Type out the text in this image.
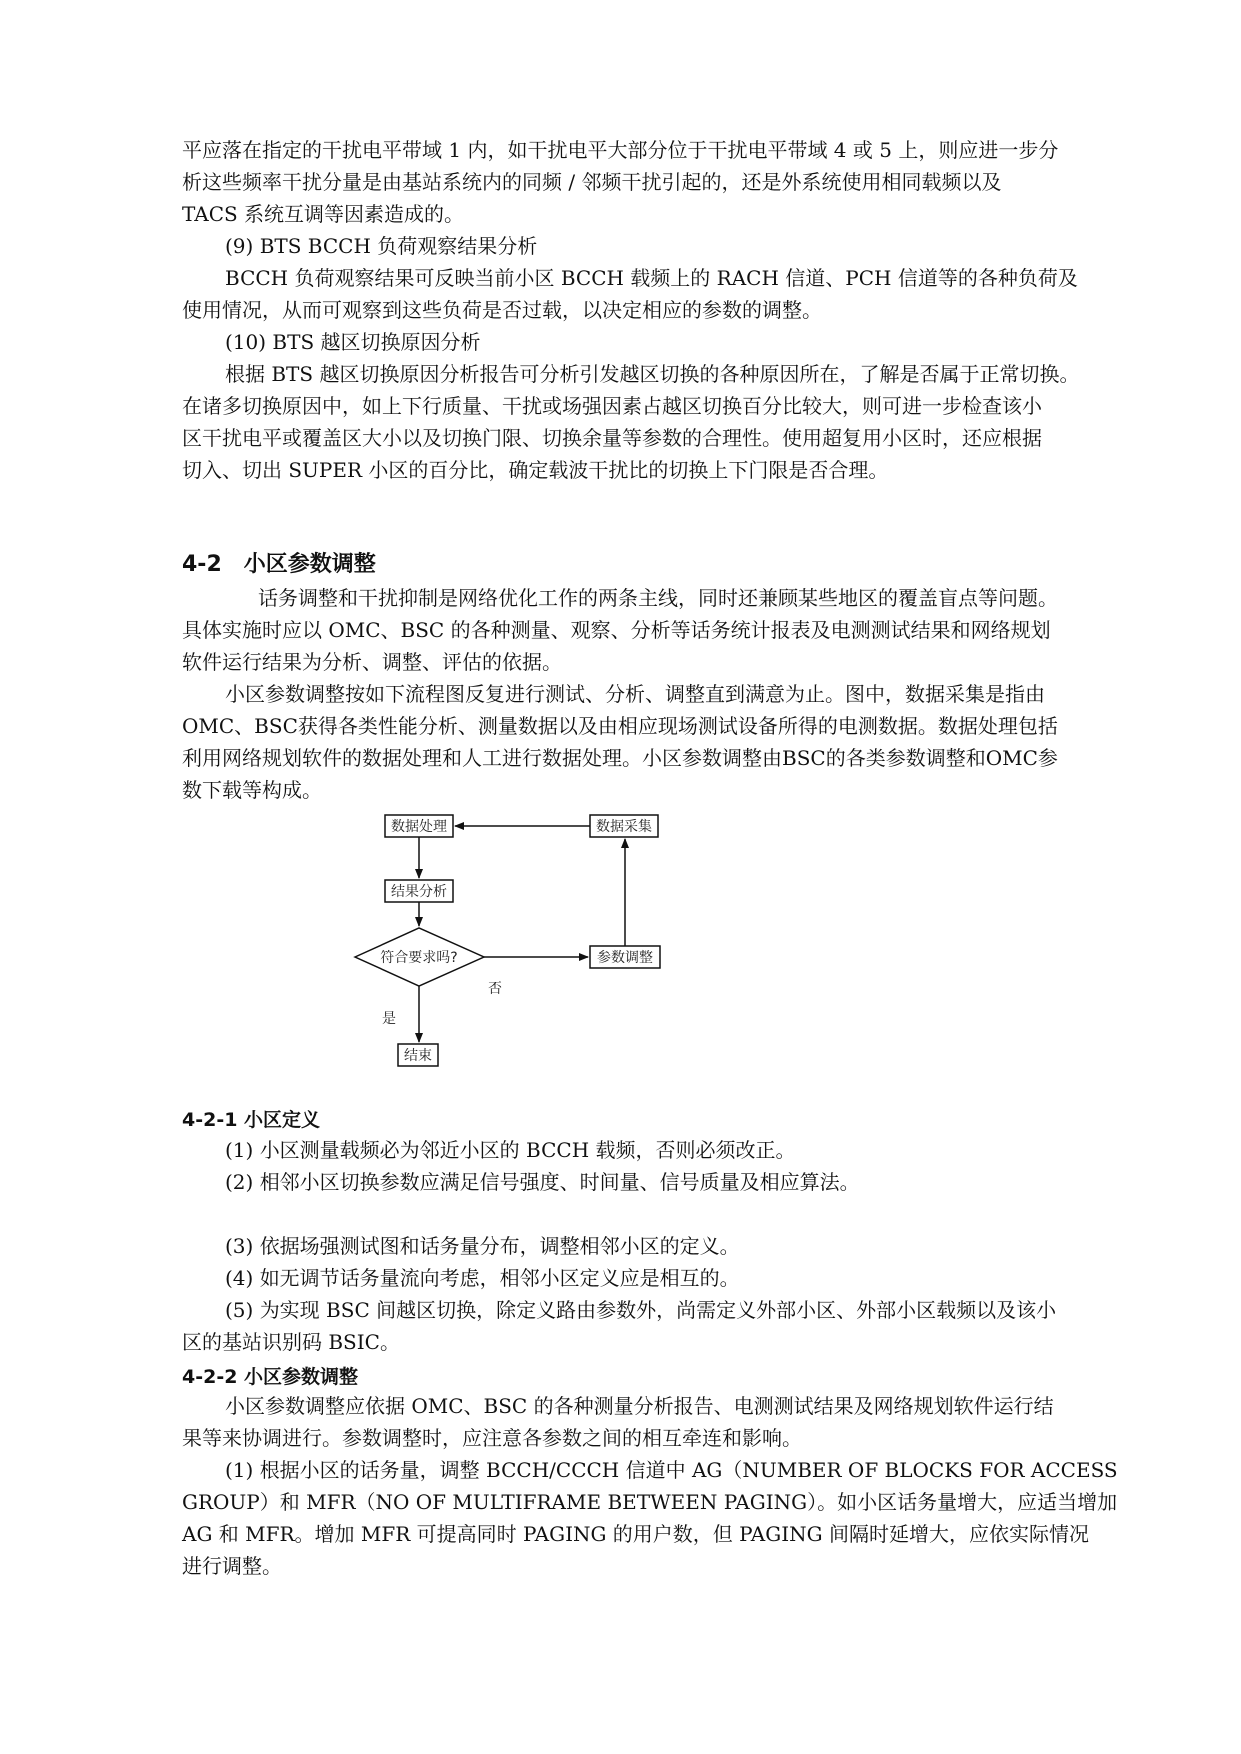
平应落在指定的干扰电平带域 1 内，如干扰电平大部分位于干扰电平带域 4 或 5 上，则应进一步分
析这些频率干扰分量是由基站系统内的同频 / 邻频干扰引起的，还是外系统使用相同载频以及
TACS 系统互调等因素造成的。
(9) BTS BCCH 负荷观察结果分析
BCCH 负荷观察结果可反映当前小区 BCCH 载频上的 RACH 信道、PCH 信道等的各种负荷及
使用情况，从而可观察到这些负荷是否过载，以决定相应的参数的调整。
(10) BTS 越区切换原因分析
根据 BTS 越区切换原因分析报告可分析引发越区切换的各种原因所在，了解是否属于正常切换。
在诸多切换原因中，如上下行质量、干扰或场强因素占越区切换百分比较大，则可进一步检查该小
区干扰电平或覆盖区大小以及切换门限、切换余量等参数的合理性。使用超复用小区时，还应根据
切入、切出 SUPER 小区的百分比，确定载波干扰比的切换上下门限是否合理。
4-2　小区参数调整
话务调整和干扰抑制是网络优化工作的两条主线，同时还兼顾某些地区的覆盖盲点等问题。
具体实施时应以 OMC、BSC 的各种测量、观察、分析等话务统计报表及电测测试结果和网络规划
软件运行结果为分析、调整、评估的依据。
小区参数调整按如下流程图反复进行测试、分析、调整直到满意为止。图中，数据采集是指由
OMC、BSC获得各类性能分析、测量数据以及由相应现场测试设备所得的电测数据。数据处理包括
利用网络规划软件的数据处理和人工进行数据处理。小区参数调整由BSC的各类参数调整和OMC参
数下载等构成。
数据处理	数据采集
结果分析
符合要求吗?	参数调整
结束
否
是
4-2-1 小区定义
(1) 小区测量载频必为邻近小区的 BCCH 载频，否则必须改正。
(2) 相邻小区切换参数应满足信号强度、时间量、信号质量及相应算法。
(3) 依据场强测试图和话务量分布，调整相邻小区的定义。
(4) 如无调节话务量流向考虑，相邻小区定义应是相互的。
(5) 为实现 BSC 间越区切换，除定义路由参数外，尚需定义外部小区、外部小区载频以及该小
区的基站识别码 BSIC。
4-2-2 小区参数调整
小区参数调整应依据 OMC、BSC 的各种测量分析报告、电测测试结果及网络规划软件运行结
果等来协调进行。参数调整时，应注意各参数之间的相互牵连和影响。
(1) 根据小区的话务量，调整 BCCH/CCCH 信道中 AG（NUMBER OF BLOCKS FOR ACCESS
GROUP）和 MFR（NO OF MULTIFRAME BETWEEN PAGING）。如小区话务量增大，应适当增加
AG 和 MFR。增加 MFR 可提高同时 PAGING 的用户数，但 PAGING 间隔时延增大，应依实际情况
进行调整。
